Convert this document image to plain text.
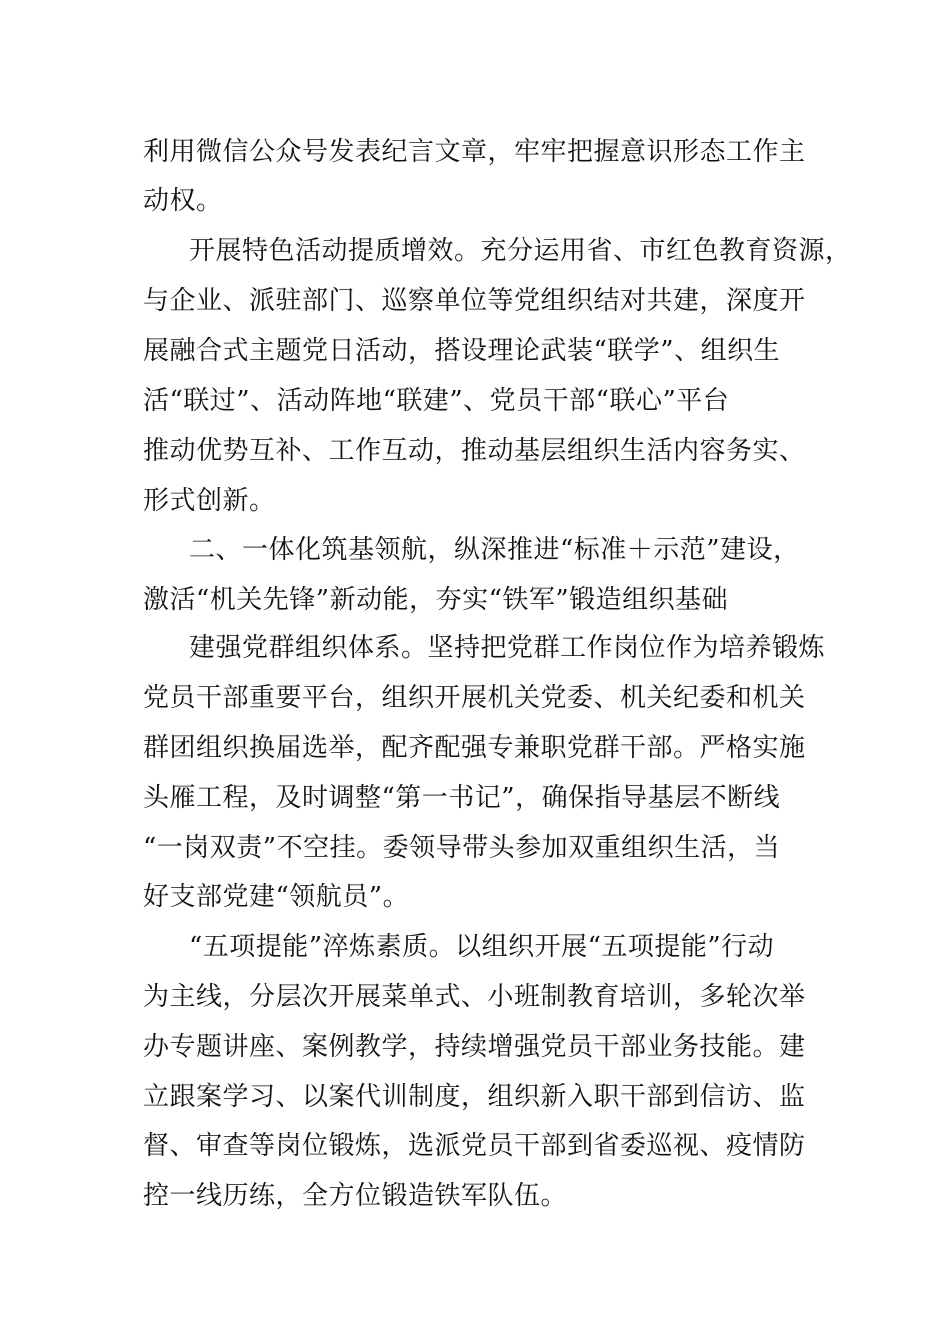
利用微信公众号发表纪言文章，牢牢把握意识形态工作主
动权。
开展特色活动提质增效。充分运用省、市红色教育资源，
与企业、派驻部门、巡察单位等党组织结对共建，深度开
展融合式主题党日活动，搭设理论武装“联学”、组织生
活“联过”、活动阵地“联建”、党员干部“联心”平台
推动优势互补、工作互动，推动基层组织生活内容务实、
形式创新。
二、一体化筑基领航，纵深推进“标准＋示范”建设，
激活“机关先锋”新动能，夯实“铁军”锻造组织基础
建强党群组织体系。坚持把党群工作岗位作为培养锻炼
党员干部重要平台，组织开展机关党委、机关纪委和机关
群团组织换届选举，配齐配强专兼职党群干部。严格实施
头雁工程，及时调整“第一书记”，确保指导基层不断线
“一岗双责”不空挂。委领导带头参加双重组织生活，当
好支部党建“领航员”。
“五项提能”淬炼素质。以组织开展“五项提能”行动
为主线，分层次开展菜单式、小班制教育培训，多轮次举
办专题讲座、案例教学，持续增强党员干部业务技能。建
立跟案学习、以案代训制度，组织新入职干部到信访、监
督、审查等岗位锻炼，选派党员干部到省委巡视、疫情防
控一线历练，全方位锻造铁军队伍。
